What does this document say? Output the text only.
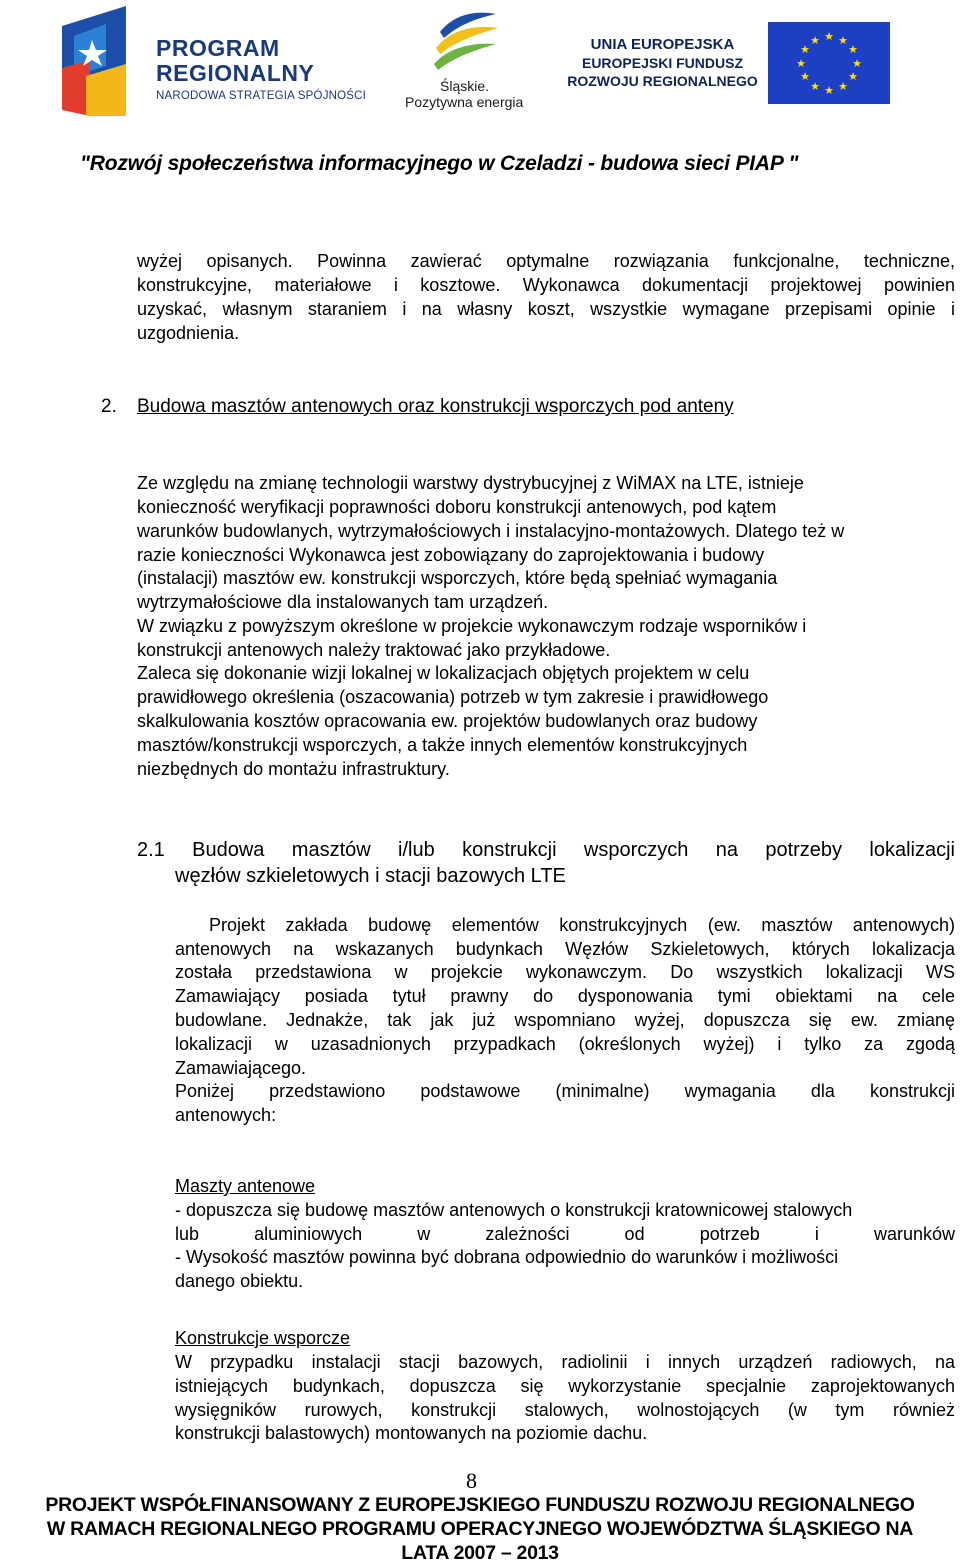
PROGRAM
REGIONALNY
NARODOWA STRATEGIA SPÓJNOŚCI
Śląskie.
Pozytywna energia
UNIA EUROPEJSKA
EUROPEJSKI FUNDUSZ
ROZWOJU REGIONALNEGO
★ ★
★
★
★
★
★
★
★
★
★
★
"Rozwój społeczeństwa informacyjnego w Czeladzi - budowa sieci PIAP "
wyżej opisanych. Powinna zawierać optymalne rozwiązania funkcjonalne, techniczne,
konstrukcyjne, materiałowe i kosztowe. Wykonawca dokumentacji projektowej powinien
uzyskać, własnym staraniem i na własny koszt, wszystkie wymagane przepisami opinie i
uzgodnienia.
2. Budowa masztów antenowych oraz konstrukcji wsporczych pod anteny
Ze względu na zmianę technologii warstwy dystrybucyjnej z WiMAX na LTE, istnieje
konieczność weryfikacji poprawności doboru konstrukcji antenowych, pod kątem
warunków budowlanych, wytrzymałościowych i instalacyjno-montażowych. Dlatego też w
razie konieczności Wykonawca jest zobowiązany do zaprojektowania i budowy
(instalacji) masztów ew. konstrukcji wsporczych, które będą spełniać wymagania
wytrzymałościowe dla instalowanych tam urządzeń.
W związku z powyższym określone w projekcie wykonawczym rodzaje wsporników i
konstrukcji antenowych należy traktować jako przykładowe.
Zaleca się dokonanie wizji lokalnej w lokalizacjach objętych projektem w celu
prawidłowego określenia (oszacowania) potrzeb w tym zakresie i prawidłowego
skalkulowania kosztów opracowania ew. projektów budowlanych oraz budowy
masztów/konstrukcji wsporczych, a także innych elementów konstrukcyjnych
niezbędnych do montażu infrastruktury.
2.1 Budowa masztów i/lub konstrukcji wsporczych na potrzeby lokalizacji
węzłów szkieletowych i stacji bazowych LTE
Projekt zakłada budowę elementów konstrukcyjnych (ew. masztów antenowych)
antenowych na wskazanych budynkach Węzłów Szkieletowych, których lokalizacja
została przedstawiona w projekcie wykonawczym. Do wszystkich lokalizacji WS
Zamawiający posiada tytuł prawny do dysponowania tymi obiektami na cele
budowlane. Jednakże, tak jak już wspomniano wyżej, dopuszcza się ew. zmianę
lokalizacji w uzasadnionych przypadkach (określonych wyżej) i tylko za zgodą
Zamawiającego.
Poniżej przedstawiono podstawowe (minimalne) wymagania dla konstrukcji
antenowych:
Maszty antenowe
- dopuszcza się budowę masztów antenowych o konstrukcji kratownicowej stalowych
lub aluminiowych w zależności od potrzeb i warunków
- Wysokość masztów powinna być dobrana odpowiednio do warunków i możliwości
danego obiektu.
Konstrukcje wsporcze
W przypadku instalacji stacji bazowych, radiolinii i innych urządzeń radiowych, na
istniejących budynkach, dopuszcza się wykorzystanie specjalnie zaprojektowanych
wysięgników rurowych, konstrukcji stalowych, wolnostojących (w tym również
konstrukcji balastowych) montowanych na poziomie dachu.
8
PROJEKT WSPÓŁFINANSOWANY Z EUROPEJSKIEGO FUNDUSZU ROZWOJU REGIONALNEGO
W RAMACH REGIONALNEGO PROGRAMU OPERACYJNEGO WOJEWÓDZTWA ŚLĄSKIEGO NA
LATA 2007 – 2013
